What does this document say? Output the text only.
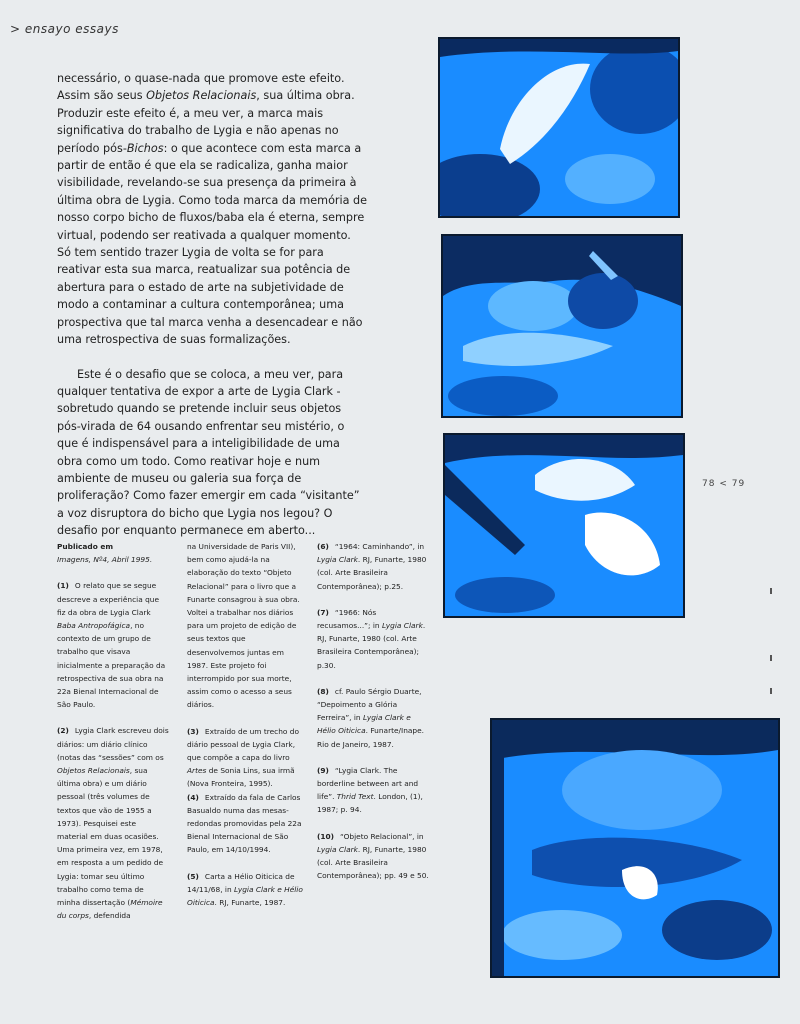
> ensayo essays

necessário, o quase-nada que promove este efeito. Assim são seus Objetos Relacionais, sua última obra.

Produzir este efeito é, a meu ver, a marca mais significativa do trabalho de Lygia e não apenas no período pós-Bichos: o que acontece com esta marca a partir de então é que ela se radicaliza, ganha maior visibilidade, revelando-se sua presença da primeira à última obra de Lygia. Como toda marca da memória de nosso corpo bicho de fluxos/baba ela é eterna, sempre virtual, podendo ser reativada a qualquer momento. Só tem sentido trazer Lygia de volta se for para reativar esta sua marca, reatualizar sua potência de abertura para o estado de arte na subjetividade de modo a contaminar a cultura contemporânea; uma prospectiva que tal marca venha a desencadear e não uma retrospectiva de suas formalizações.

Este é o desafio que se coloca, a meu ver, para qualquer tentativa de expor a arte de Lygia Clark - sobretudo quando se pretende incluir seus objetos pós-virada de 64 ousando enfrentar seu mistério, o que é indispensável para a inteligibilidade de uma obra como um todo. Como reativar hoje e num ambiente de museu ou galeria sua força de proliferação? Como fazer emergir em cada “visitante” a voz disruptora do bicho que Lygia nos legou? O desafio por enquanto permanece em aberto...

Publicado em
Imagens, Nº4, Abril 1995.

(1) O relato que se segue descreve a experiência que fiz da obra de Lygia Clark Baba Antropofágica, no contexto de um grupo de trabalho que visava inicialmente a preparação da retrospectiva de sua obra na 22a Bienal Internacional de São Paulo.

(2) Lygia Clark escreveu dois diários: um diário clínico (notas das “sessões” com os Objetos Relacionais, sua última obra) e um diário pessoal (três volumes de textos que vão de 1955 a 1973). Pesquisei este material em duas ocasiões. Uma primeira vez, em 1978, em resposta a um pedido de Lygia: tomar seu último trabalho como tema de minha dissertação (Mémoire du corps, defendida

na Universidade de Paris VII), bem como ajudá-la na elaboração do texto “Objeto Relacional” para o livro que a Funarte consagrou à sua obra. Voltei a trabalhar nos diários para um projeto de edição de seus textos que desenvolvemos juntas em 1987. Este projeto foi interrompido por sua morte, assim como o acesso a seus diários.

(3) Extraído de um trecho do diário pessoal de Lygia Clark, que compõe a capa do livro Artes de Sonia Lins, sua irmã (Nova Fronteira, 1995).

(4) Extraído da fala de Carlos Basualdo numa das mesas-redondas promovidas pela 22a Bienal Internacional de São Paulo, em 14/10/1994.

(5) Carta a Hélio Oiticica de 14/11/68, in Lygia Clark e Hélio Oiticica. RJ, Funarte, 1987.

(6) “1964: Caminhando”, in Lygia Clark. RJ, Funarte, 1980 (col. Arte Brasileira Contemporânea); p.25.

(7) “1966: Nós recusamos...”; in Lygia Clark. RJ, Funarte, 1980 (col. Arte Brasileira Contemporânea); p.30.

(8) cf. Paulo Sérgio Duarte, “Depoimento a Glória Ferreira”, in Lygia Clark e Hélio Oiticica. Funarte/Inape. Rio de Janeiro, 1987.

(9) “Lygia Clark. The borderline between art and life”. Thrid Text. London, (1), 1987; p. 94.

(10) “Objeto Relacional”, in Lygia Clark. RJ, Funarte, 1980 (col. Arte Brasileira Contemporânea); pp. 49 e 50.

78 < 79
